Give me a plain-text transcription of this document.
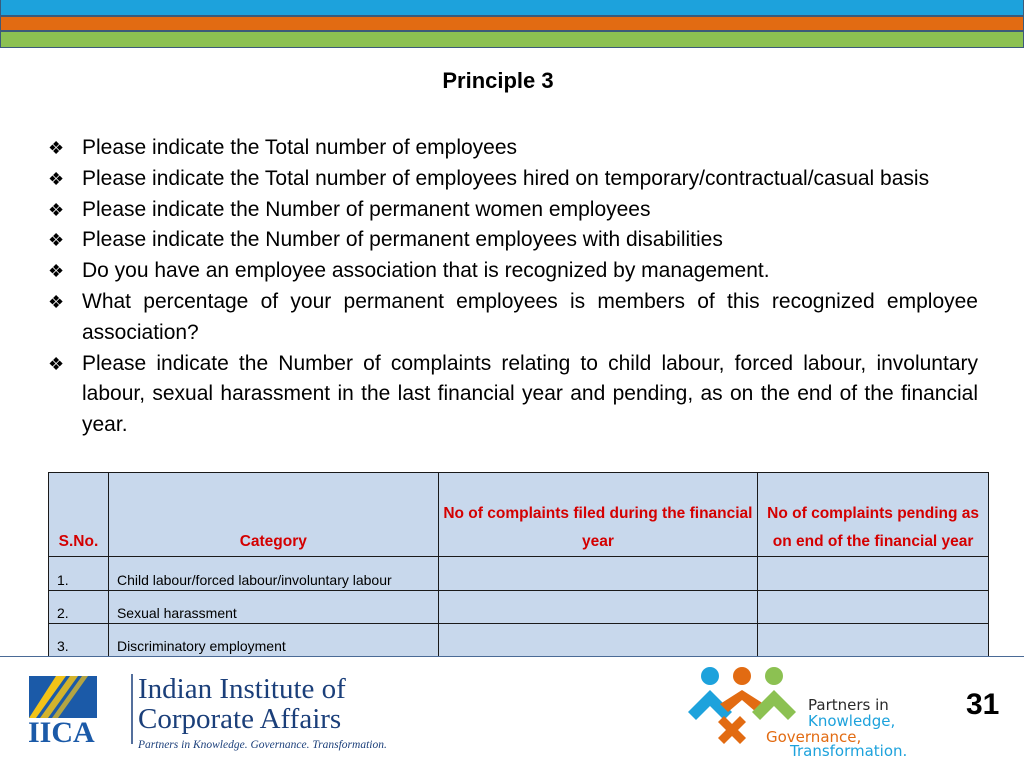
Principle 3
❖ Please indicate the Total number of employees
❖ Please indicate the Total number of employees hired on temporary/contractual/casual basis
❖ Please indicate the Number of permanent women employees
❖ Please indicate the Number of permanent employees with disabilities
❖ Do you have an employee association that is recognized by management.
❖ What percentage of your permanent employees is members of this recognized employee association?
❖ Please indicate the Number of complaints relating to child labour, forced labour, involuntary labour, sexual harassment in the last financial year and pending, as on the end of the financial year.
S.No.	Category	No of complaints filed during the financial year	No of complaints pending as on end of the financial year
1.	Child labour/forced labour/involuntary labour		
2.	Sexual harassment		
3.	Discriminatory employment		
IICA
Indian Institute of
Corporate Affairs
Partners in Knowledge. Governance. Transformation.
Partners in
Knowledge,
Governance,
Transformation.
31
